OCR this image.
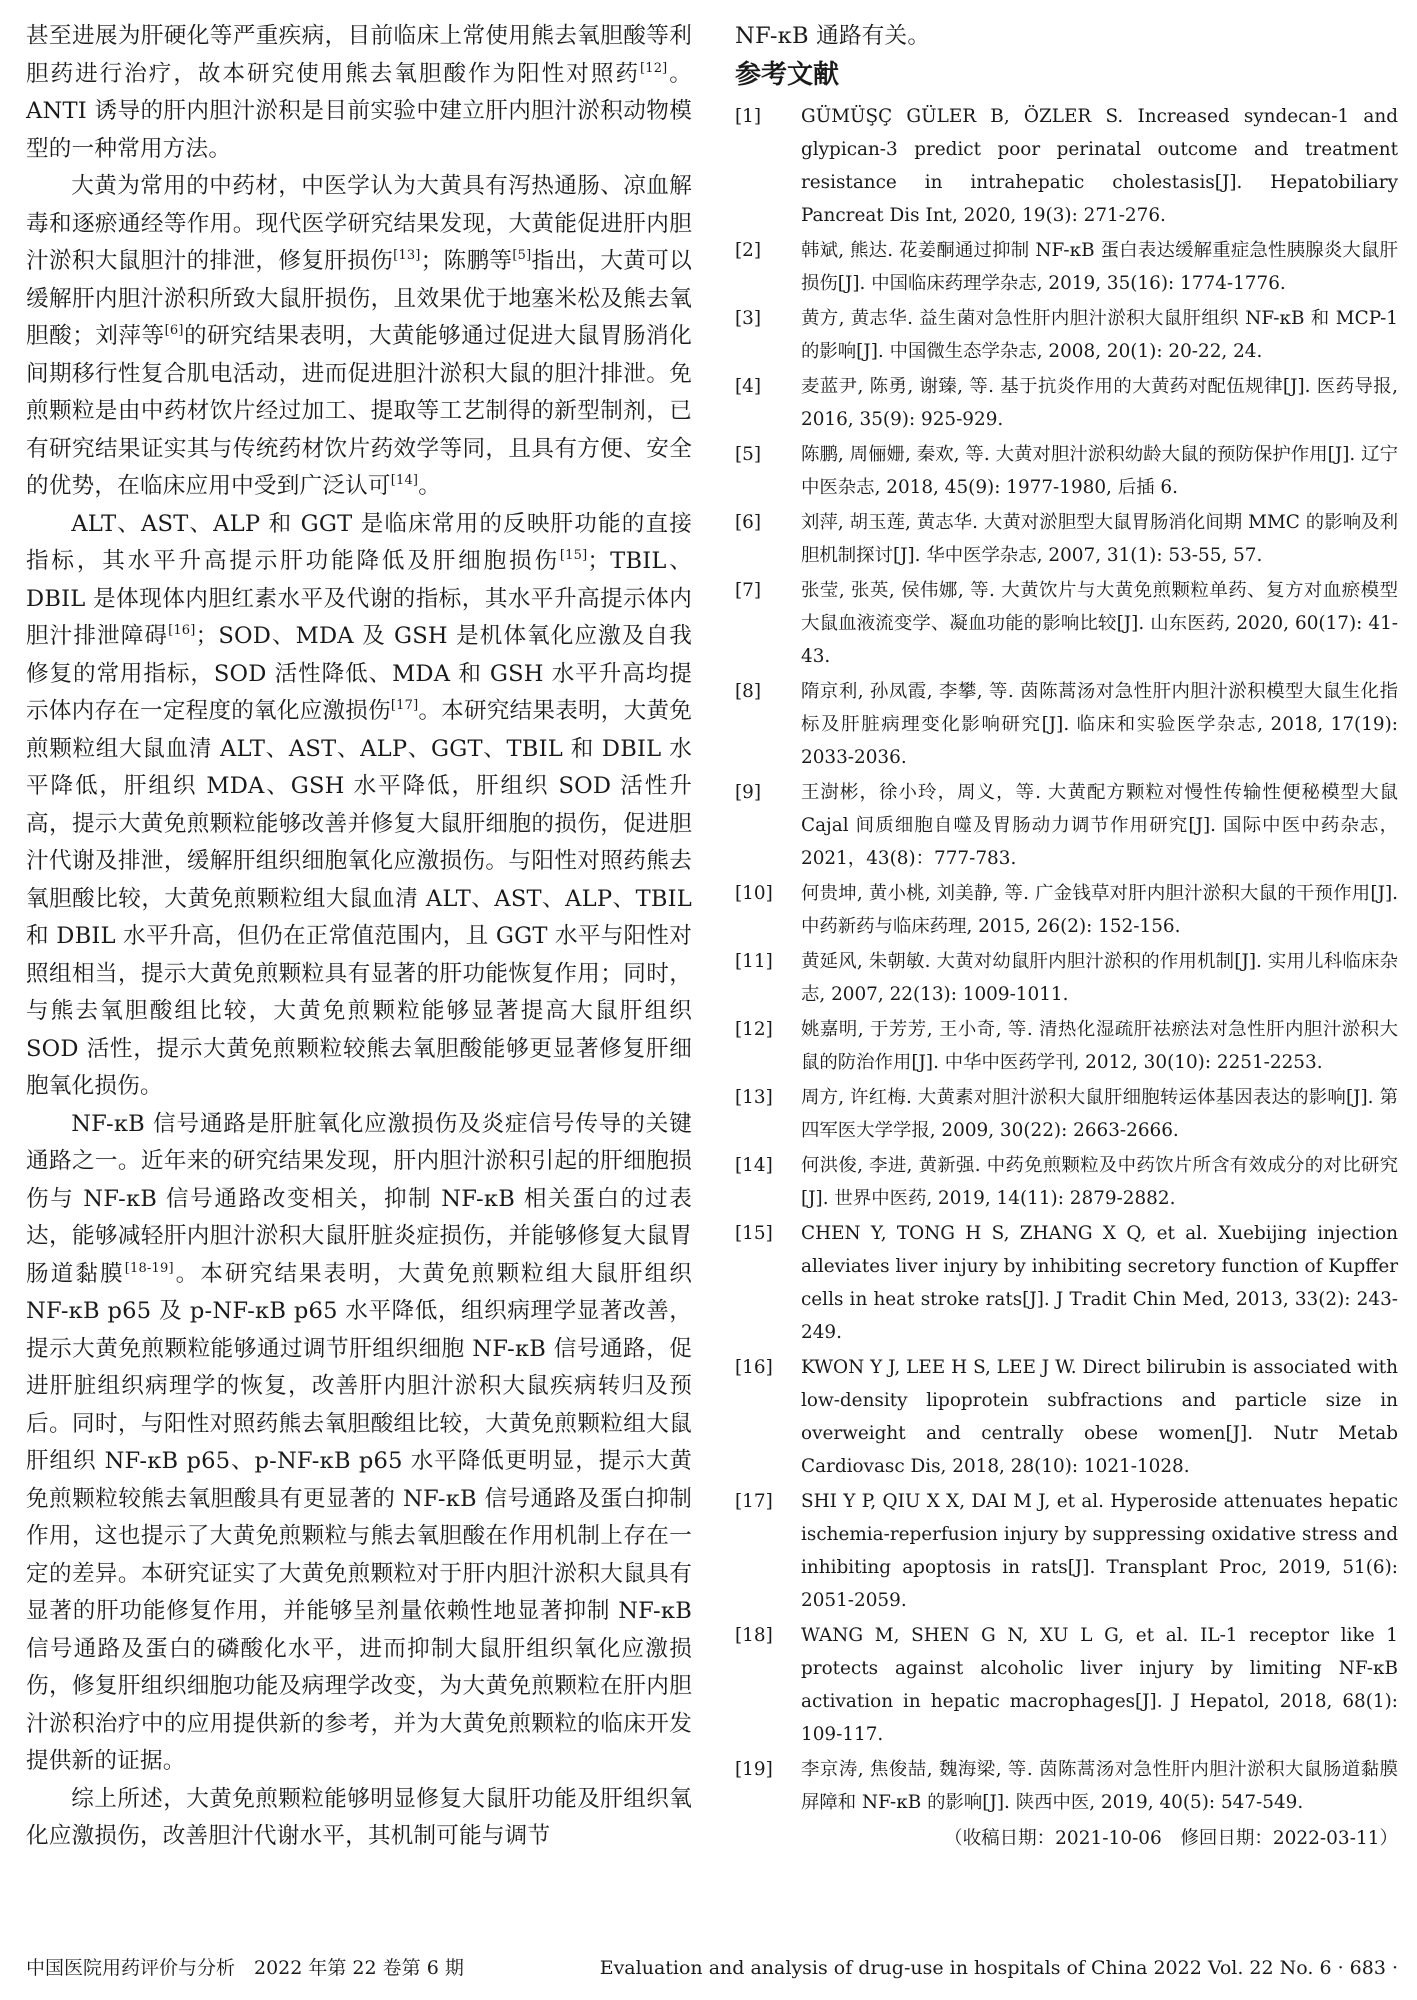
甚至进展为肝硬化等严重疾病，目前临床上常使用熊去氧胆酸等利胆药进行治疗，故本研究使用熊去氧胆酸作为阳性对照药[12]。ANTI 诱导的肝内胆汁淤积是目前实验中建立肝内胆汁淤积动物模型的一种常用方法。

大黄为常用的中药材，中医学认为大黄具有泻热通肠、凉血解毒和逐瘀通经等作用。现代医学研究结果发现，大黄能促进肝内胆汁淤积大鼠胆汁的排泄，修复肝损伤[13]；陈鹏等[5]指出，大黄可以缓解肝内胆汁淤积所致大鼠肝损伤，且效果优于地塞米松及熊去氧胆酸；刘萍等[6]的研究结果表明，大黄能够通过促进大鼠胃肠消化间期移行性复合肌电活动，进而促进胆汁淤积大鼠的胆汁排泄。免煎颗粒是由中药材饮片经过加工、提取等工艺制得的新型制剂，已有研究结果证实其与传统药材饮片药效学等同，且具有方便、安全的优势，在临床应用中受到广泛认可[14]。

ALT、AST、ALP 和 GGT 是临床常用的反映肝功能的直接指标，其水平升高提示肝功能降低及肝细胞损伤[15]；TBIL、DBIL 是体现体内胆红素水平及代谢的指标，其水平升高提示体内胆汁排泄障碍[16]；SOD、MDA 及 GSH 是机体氧化应激及自我修复的常用指标，SOD 活性降低、MDA 和 GSH 水平升高均提示体内存在一定程度的氧化应激损伤[17]。本研究结果表明，大黄免煎颗粒组大鼠血清 ALT、AST、ALP、GGT、TBIL 和 DBIL 水平降低，肝组织 MDA、GSH 水平降低，肝组织 SOD 活性升高，提示大黄免煎颗粒能够改善并修复大鼠肝细胞的损伤，促进胆汁代谢及排泄，缓解肝组织细胞氧化应激损伤。与阳性对照药熊去氧胆酸比较，大黄免煎颗粒组大鼠血清 ALT、AST、ALP、TBIL 和 DBIL 水平升高，但仍在正常值范围内，且 GGT 水平与阳性对照组相当，提示大黄免煎颗粒具有显著的肝功能恢复作用；同时，与熊去氧胆酸组比较，大黄免煎颗粒能够显著提高大鼠肝组织 SOD 活性，提示大黄免煎颗粒较熊去氧胆酸能够更显著修复肝细胞氧化损伤。

NF-κB 信号通路是肝脏氧化应激损伤及炎症信号传导的关键通路之一。近年来的研究结果发现，肝内胆汁淤积引起的肝细胞损伤与 NF-κB 信号通路改变相关，抑制 NF-κB 相关蛋白的过表达，能够减轻肝内胆汁淤积大鼠肝脏炎症损伤，并能够修复大鼠胃肠道黏膜[18-19]。本研究结果表明，大黄免煎颗粒组大鼠肝组织 NF-κB p65 及 p-NF-κB p65 水平降低，组织病理学显著改善，提示大黄免煎颗粒能够通过调节肝组织细胞 NF-κB 信号通路，促进肝脏组织病理学的恢复，改善肝内胆汁淤积大鼠疾病转归及预后。同时，与阳性对照药熊去氧胆酸组比较，大黄免煎颗粒组大鼠肝组织 NF-κB p65、p-NF-κB p65 水平降低更明显，提示大黄免煎颗粒较熊去氧胆酸具有更显著的 NF-κB 信号通路及蛋白抑制作用，这也提示了大黄免煎颗粒与熊去氧胆酸在作用机制上存在一定的差异。本研究证实了大黄免煎颗粒对于肝内胆汁淤积大鼠具有显著的肝功能修复作用，并能够呈剂量依赖性地显著抑制 NF-κB 信号通路及蛋白的磷酸化水平，进而抑制大鼠肝组织氧化应激损伤，修复肝组织细胞功能及病理学改变，为大黄免煎颗粒在肝内胆汁淤积治疗中的应用提供新的参考，并为大黄免煎颗粒的临床开发提供新的证据。

综上所述，大黄免煎颗粒能够明显修复大鼠肝功能及肝组织氧化应激损伤，改善胆汁代谢水平，其机制可能与调节

NF-κB 通路有关。

参考文献
[1]	GÜMÜŞÇ GÜLER B, ÖZLER S. Increased syndecan-1 and glypican-3 predict poor perinatal outcome and treatment resistance in intrahepatic cholestasis[J]. Hepatobiliary Pancreat Dis Int, 2020, 19(3): 271-276.
[2]	韩斌, 熊达. 花姜酮通过抑制 NF-κB 蛋白表达缓解重症急性胰腺炎大鼠肝损伤[J]. 中国临床药理学杂志, 2019, 35(16): 1774-1776.
[3]	黄方, 黄志华. 益生菌对急性肝内胆汁淤积大鼠肝组织 NF-κB 和 MCP-1 的影响[J]. 中国微生态学杂志, 2008, 20(1): 20-22, 24.
[4]	麦蓝尹, 陈勇, 谢臻, 等. 基于抗炎作用的大黄药对配伍规律[J]. 医药导报, 2016, 35(9): 925-929.
[5]	陈鹏, 周俪姗, 秦欢, 等. 大黄对胆汁淤积幼龄大鼠的预防保护作用[J]. 辽宁中医杂志, 2018, 45(9): 1977-1980, 后插 6.
[6]	刘萍, 胡玉莲, 黄志华. 大黄对淤胆型大鼠胃肠消化间期 MMC 的影响及利胆机制探讨[J]. 华中医学杂志, 2007, 31(1): 53-55, 57.
[7]	张莹, 张英, 侯伟娜, 等. 大黄饮片与大黄免煎颗粒单药、复方对血瘀模型大鼠血液流变学、凝血功能的影响比较[J]. 山东医药, 2020, 60(17): 41-43.
[8]	隋京利, 孙凤霞, 李攀, 等. 茵陈蒿汤对急性肝内胆汁淤积模型大鼠生化指标及肝脏病理变化影响研究[J]. 临床和实验医学杂志, 2018, 17(19): 2033-2036.
[9]	王澍彬，徐小玲，周义，等. 大黄配方颗粒对慢性传输性便秘模型大鼠 Cajal 间质细胞自噬及胃肠动力调节作用研究[J]. 国际中医中药杂志，2021，43(8)：777-783.
[10]	何贵坤, 黄小桃, 刘美静, 等. 广金钱草对肝内胆汁淤积大鼠的干预作用[J]. 中药新药与临床药理, 2015, 26(2): 152-156.
[11]	黄延风, 朱朝敏. 大黄对幼鼠肝内胆汁淤积的作用机制[J]. 实用儿科临床杂志, 2007, 22(13): 1009-1011.
[12]	姚嘉明, 于芳芳, 王小奇, 等. 清热化湿疏肝祛瘀法对急性肝内胆汁淤积大鼠的防治作用[J]. 中华中医药学刊, 2012, 30(10): 2251-2253.
[13]	周方, 许红梅. 大黄素对胆汁淤积大鼠肝细胞转运体基因表达的影响[J]. 第四军医大学学报, 2009, 30(22): 2663-2666.
[14]	何洪俊, 李进, 黄新强. 中药免煎颗粒及中药饮片所含有效成分的对比研究[J]. 世界中医药, 2019, 14(11): 2879-2882.
[15]	CHEN Y, TONG H S, ZHANG X Q, et al. Xuebijing injection alleviates liver injury by inhibiting secretory function of Kupffer cells in heat stroke rats[J]. J Tradit Chin Med, 2013, 33(2): 243-249.
[16]	KWON Y J, LEE H S, LEE J W. Direct bilirubin is associated with low-density lipoprotein subfractions and particle size in overweight and centrally obese women[J]. Nutr Metab Cardiovasc Dis, 2018, 28(10): 1021-1028.
[17]	SHI Y P, QIU X X, DAI M J, et al. Hyperoside attenuates hepatic ischemia-reperfusion injury by suppressing oxidative stress and inhibiting apoptosis in rats[J]. Transplant Proc, 2019, 51(6): 2051-2059.
[18]	WANG M, SHEN G N, XU L G, et al. IL-1 receptor like 1 protects against alcoholic liver injury by limiting NF-κB activation in hepatic macrophages[J]. J Hepatol, 2018, 68(1): 109-117.
[19]	李京涛, 焦俊喆, 魏海梁, 等. 茵陈蒿汤对急性肝内胆汁淤积大鼠肠道黏膜屏障和 NF-κB 的影响[J]. 陕西中医, 2019, 40(5): 547-549.
（收稿日期：2021-10-06　修回日期：2022-03-11）
中国医院用药评价与分析　2022 年第 22 卷第 6 期	Evaluation and analysis of drug-use in hospitals of China 2022 Vol. 22 No. 6 · 683 ·
